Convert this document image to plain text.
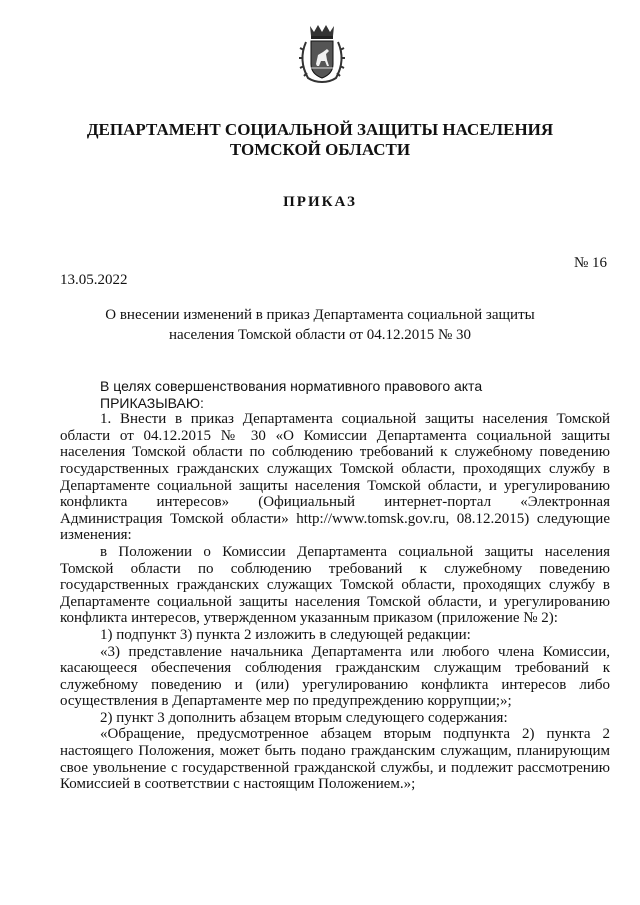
ДЕПАРТАМЕНТ СОЦИАЛЬНОЙ ЗАЩИТЫ НАСЕЛЕНИЯ
ТОМСКОЙ ОБЛАСТИ
ПРИКАЗ
№ 16
13.05.2022
О внесении изменений в приказ Департамента социальной защиты
населения Томской области от 04.12.2015 № 30

В целях совершенствования нормативного правового акта

ПРИКАЗЫВАЮ:

1. Внести в приказ Департамента социальной защиты населения Томской области от 04.12.2015 № 30 «О Комиссии Департамента социальной защиты населения Томской области по соблюдению требований к служебному поведению государственных гражданских служащих Томской области, проходящих службу в Департаменте социальной защиты населения Томской области, и урегулированию конфликта интересов» (Официальный интернет-портал «Электронная Администрация Томской области» http://www.tomsk.gov.ru, 08.12.2015) следующие изменения:

в Положении о Комиссии Департамента социальной защиты населения Томской области по соблюдению требований к служебному поведению государственных гражданских служащих Томской области, проходящих службу в Департаменте социальной защиты населения Томской области, и урегулированию конфликта интересов, утвержденном указанным приказом (приложение № 2):

1) подпункт 3) пункта 2 изложить в следующей редакции:

«3) представление начальника Департамента или любого члена Комиссии, касающееся обеспечения соблюдения гражданским служащим требований к служебному поведению и (или) урегулированию конфликта интересов либо осуществления в Департаменте мер по предупреждению коррупции;»;

2) пункт 3 дополнить абзацем вторым следующего содержания:

«Обращение, предусмотренное абзацем вторым подпункта 2) пункта 2 настоящего Положения, может быть подано гражданским служащим, планирующим свое увольнение с государственной гражданской службы, и подлежит рассмотрению Комиссией в соответствии с настоящим Положением.»;
